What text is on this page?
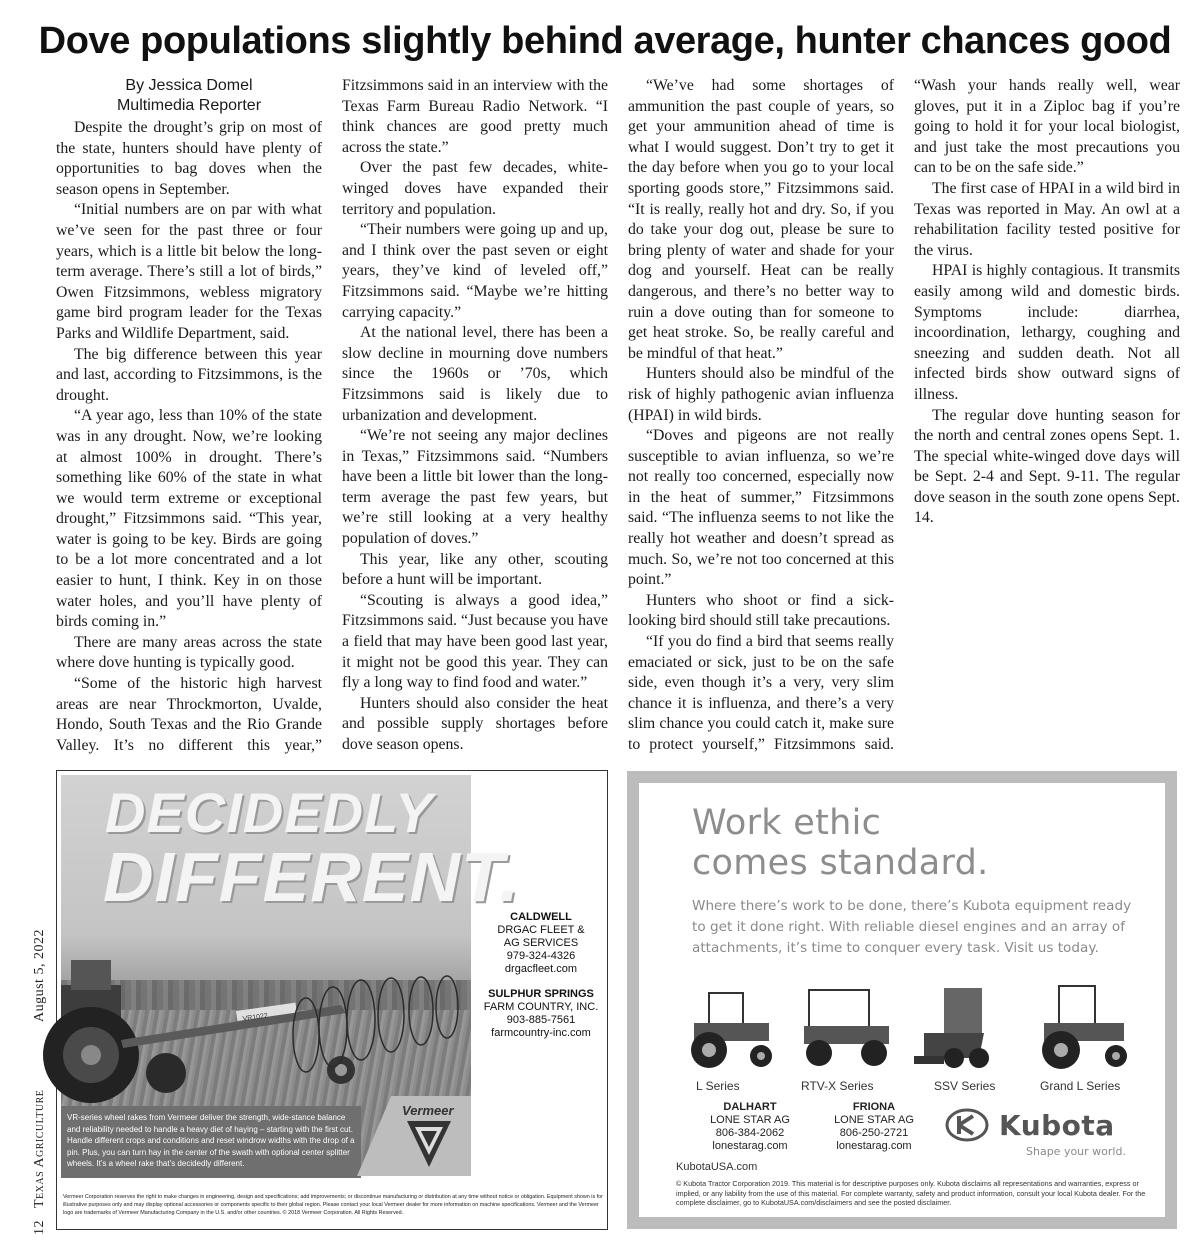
Dove populations slightly behind average, hunter chances good
By Jessica Domel
Multimedia Reporter

Despite the drought’s grip on most of the state, hunters should have plenty of opportunities to bag doves when the season opens in September.

“Initial numbers are on par with what we’ve seen for the past three or four years, which is a little bit below the long-term average. There’s still a lot of birds,” Owen Fitzsimmons, webless migratory game bird program leader for the Texas Parks and Wildlife Department, said.

The big difference between this year and last, according to Fitzsimmons, is the drought.

“A year ago, less than 10% of the state was in any drought. Now, we’re looking at almost 100% in drought. There’s something like 60% of the state in what we would term extreme or exceptional drought,” Fitzsimmons said. “This year, water is going to be key. Birds are going to be a lot more concentrated and a lot easier to hunt, I think. Key in on those water holes, and you’ll have plenty of birds coming in.”

There are many areas across the state where dove hunting is typically good.

“Some of the historic high harvest areas are near Throckmorton, Uvalde, Hondo, South Texas and the Rio Grande Valley. It’s no different this year,” Fitzsimmons said in an interview with the Texas Farm Bureau Radio Network. “I think chances are good pretty much across the state.”

Over the past few decades, white-winged doves have expanded their territory and population.

“Their numbers were going up and up, and I think over the past seven or eight years, they’ve kind of leveled off,” Fitzsimmons said. “Maybe we’re hitting carrying capacity.”

At the national level, there has been a slow decline in mourning dove numbers since the 1960s or ’70s, which Fitzsimmons said is likely due to urbanization and development.

“We’re not seeing any major declines in Texas,” Fitzsimmons said. “Numbers have been a little bit lower than the long-term average the past few years, but we’re still looking at a very healthy population of doves.”

This year, like any other, scouting before a hunt will be important.

“Scouting is always a good idea,” Fitzsimmons said. “Just because you have a field that may have been good last year, it might not be good this year. They can fly a long way to find food and water.”

Hunters should also consider the heat and possible supply shortages before dove season opens.

“We’ve had some shortages of ammunition the past couple of years, so get your ammunition ahead of time is what I would suggest. Don’t try to get it the day before when you go to your local sporting goods store,” Fitzsimmons said. “It is really, really hot and dry. So, if you do take your dog out, please be sure to bring plenty of water and shade for your dog and yourself. Heat can be really dangerous, and there’s no better way to ruin a dove outing than for someone to get heat stroke. So, be really careful and be mindful of that heat.”

Hunters should also be mindful of the risk of highly pathogenic avian influenza (HPAI) in wild birds.

“Doves and pigeons are not really susceptible to avian influenza, so we’re not really too concerned, especially now in the heat of summer,” Fitzsimmons said. “The influenza seems to not like the really hot weather and doesn’t spread as much. So, we’re not too concerned at this point.”

Hunters who shoot or find a sick-looking bird should still take precautions.

“If you do find a bird that seems really emaciated or sick, just to be on the safe side, even though it’s a very, very slim chance it is influenza, and there’s a very slim chance you could catch it, make sure to protect yourself,” Fitzsimmons said. “Wash your hands really well, wear gloves, put it in a Ziploc bag if you’re going to hold it for your local biologist, and just take the most precautions you can to be on the safe side.”

The first case of HPAI in a wild bird in Texas was reported in May. An owl at a rehabilitation facility tested positive for the virus.

HPAI is highly contagious. It transmits easily among wild and domestic birds. Symptoms include: diarrhea, incoordination, lethargy, coughing and sneezing and sudden death. Not all infected birds show outward signs of illness.

The regular dove hunting season for the north and central zones opens Sept. 1. The special white-winged dove days will be Sept. 2-4 and Sept. 9-11. The regular dove season in the south zone opens Sept. 14.

August 5, 2022
Texas Agriculture
12
VR1022
DECIDEDLY
DIFFERENT.
VR-series wheel rakes from Vermeer deliver the strength, wide-stance balance and reliability needed to handle a heavy diet of haying – starting with the first cut. Handle different crops and conditions and reset windrow widths with the drop of a pin. Plus, you can turn hay in the center of the swath with optional center splitter wheels. It’s a wheel rake that’s decidedly different.
Vermeer
CALDWELL
DRGAC FLEET &
AG SERVICES
979-324-4326
drgacfleet.com
SULPHUR SPRINGS
FARM COUNTRY, INC.
903-885-7561
farmcountry-inc.com
Vermeer Corporation reserves the right to make changes in engineering, design and specifications; add improvements; or discontinue manufacturing or distribution at any time without notice or obligation. Equipment shown is for illustrative purposes only and may display optional accessories or components specific to their global region. Please contact your local Vermeer dealer for more information on machine specifications. Vermeer and the Vermeer logo are trademarks of Vermeer Manufacturing Company in the U.S. and/or other countries. © 2018 Vermeer Corporation. All Rights Reserved.
Work ethic
comes standard.
Where there’s work to be done, there’s Kubota equipment ready to get it done right. With reliable diesel engines and an array of attachments, it’s time to conquer every task. Visit us today.
L Series	RTV-X Series	SSV Series	Grand L Series
DALHART
LONE STAR AG
806-384-2062
lonestarag.com
FRIONA
LONE STAR AG
806-250-2721
lonestarag.com
Kubota
Shape your world.
KubotaUSA.com
© Kubota Tractor Corporation 2019. This material is for descriptive purposes only. Kubota disclaims all representations and warranties, express or implied, or any liability from the use of this material. For complete warranty, safety and product information, consult your local Kubota dealer. For the complete disclaimer, go to KubotaUSA.com/disclaimers and see the posted disclaimer.
